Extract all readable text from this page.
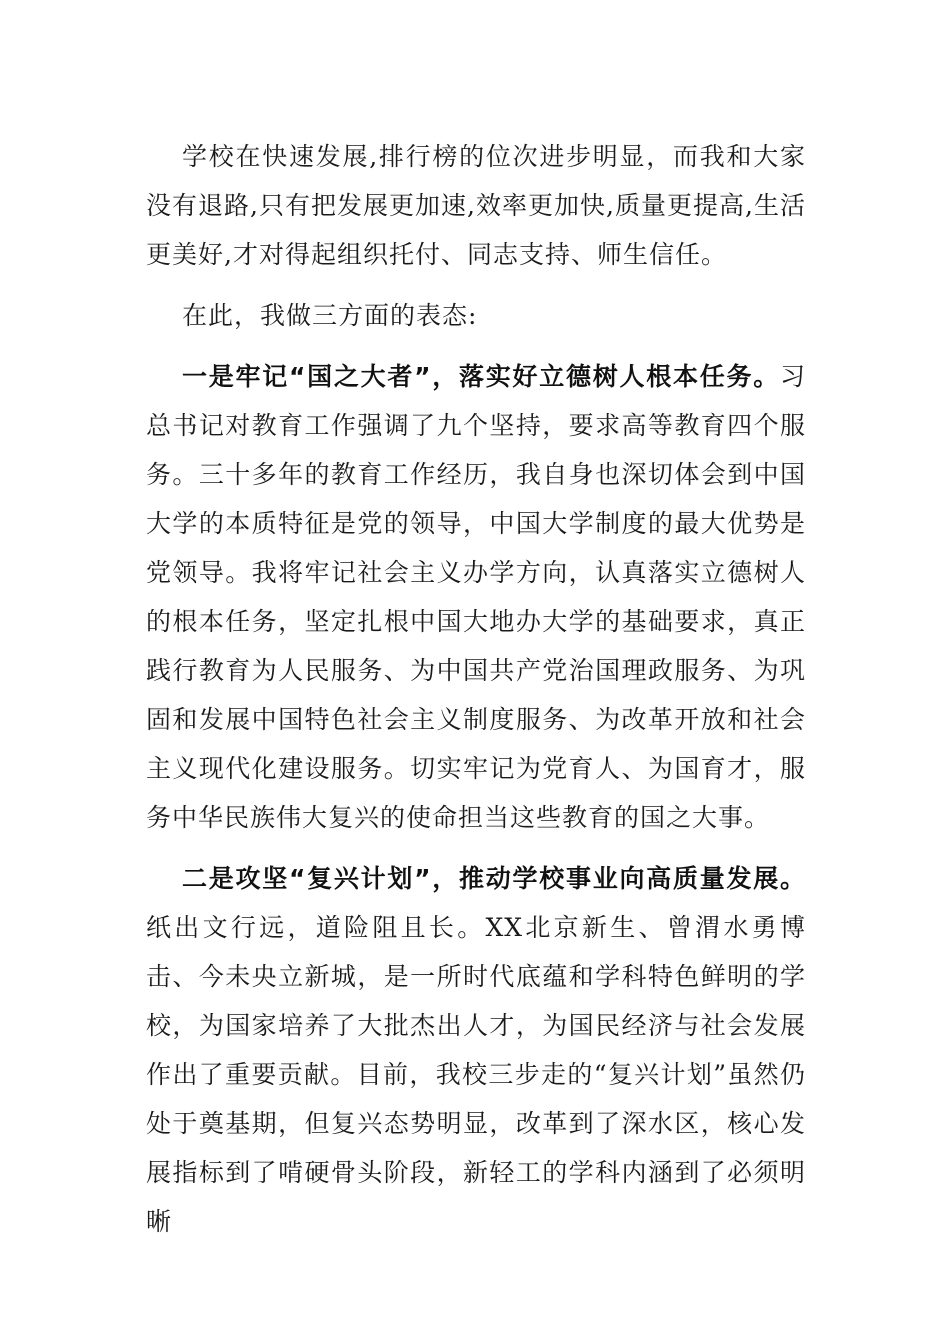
学校在快速发展,排行榜的位次进步明显，而我和大家没有退路,只有把发展更加速,效率更加快,质量更提高,生活更美好,才对得起组织托付、同志支持、师生信任。

在此，我做三方面的表态:

一是牢记“国之大者”，落实好立德树人根本任务。习总书记对教育工作强调了九个坚持，要求高等教育四个服务。三十多年的教育工作经历，我自身也深切体会到中国大学的本质特征是党的领导，中国大学制度的最大优势是党领导。我将牢记社会主义办学方向，认真落实立德树人的根本任务，坚定扎根中国大地办大学的基础要求，真正践行教育为人民服务、为中国共产党治国理政服务、为巩固和发展中国特色社会主义制度服务、为改革开放和社会主义现代化建设服务。切实牢记为党育人、为国育才，服务中华民族伟大复兴的使命担当这些教育的国之大事。

二是攻坚“复兴计划”，推动学校事业向高质量发展。纸出文行远，道险阻且长。XX北京新生、曾渭水勇博击、今未央立新城，是一所时代底蕴和学科特色鲜明的学校，为国家培养了大批杰出人才，为国民经济与社会发展作出了重要贡献。目前，我校三步走的“复兴计划”虽然仍处于奠基期，但复兴态势明显，改革到了深水区，核心发展指标到了啃硬骨头阶段，新轻工的学科内涵到了必须明晰
